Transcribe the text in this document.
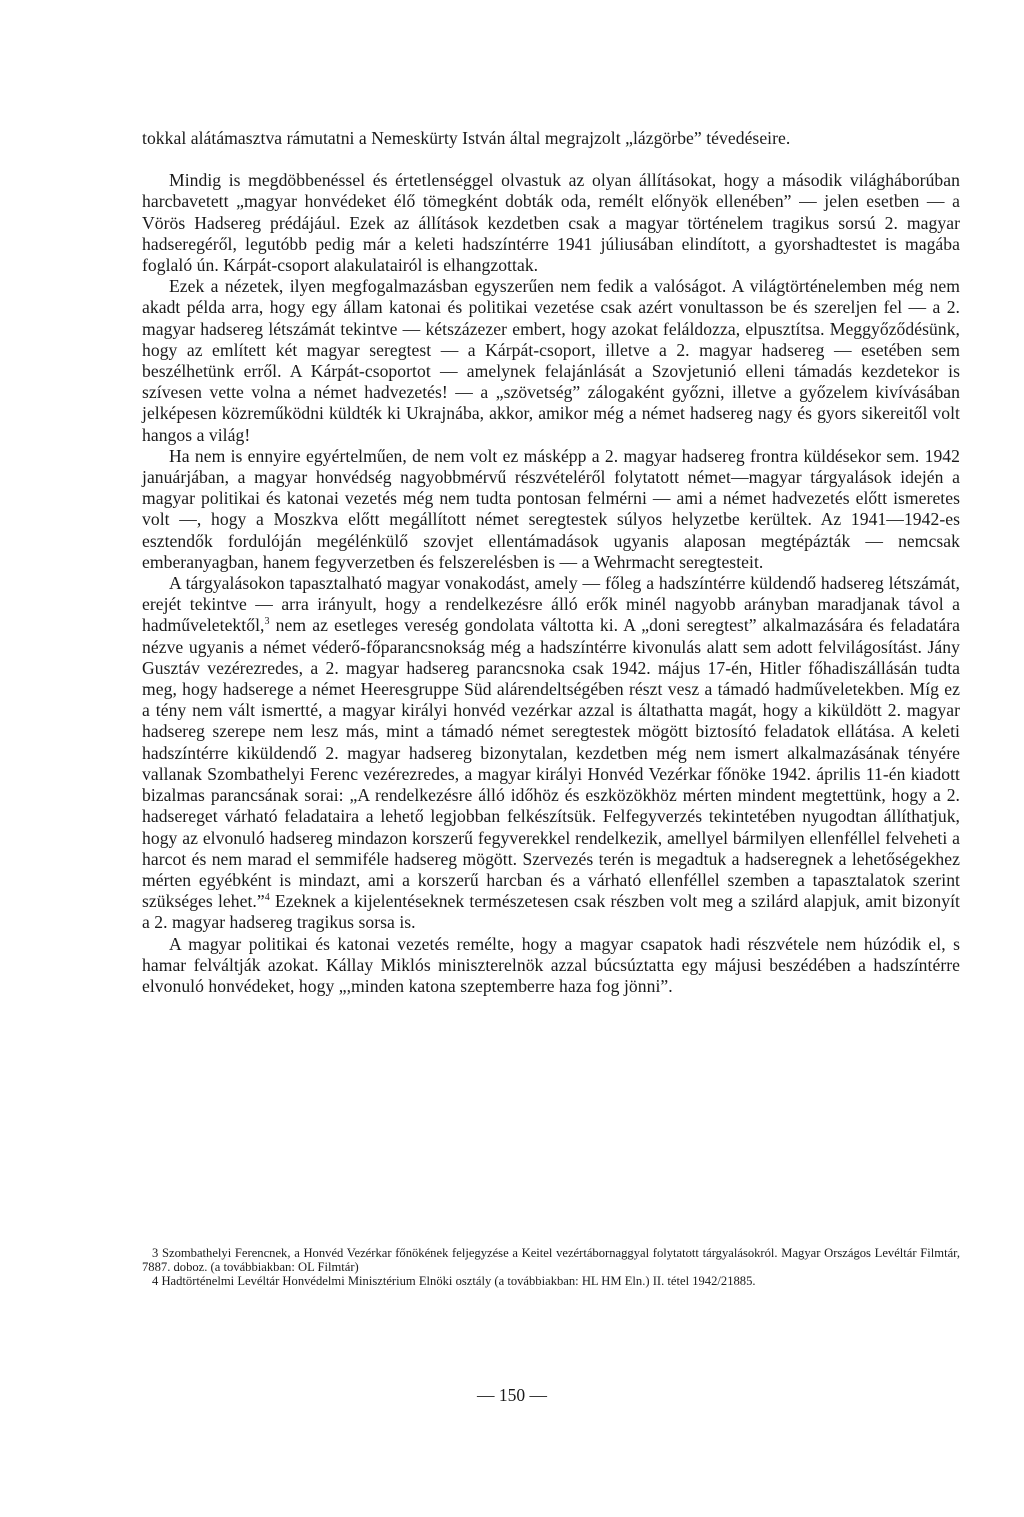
tokkal alátámasztva rámutatni a Nemeskürty István által megrajzolt „lázgörbe” tévedéseire.

Mindig is megdöbbenéssel és értetlenséggel olvastuk az olyan állításokat, hogy a második világháborúban harcbavetett „magyar honvédeket élő tömegként dobták oda, remélt előnyök ellenében” — jelen esetben — a Vörös Hadsereg prédájául. Ezek az állítások kezdetben csak a magyar történelem tragikus sorsú 2. magyar hadseregéről, legutóbb pedig már a keleti hadszíntérre 1941 júliusában elindított, a gyorshadtestet is magába foglaló ún. Kárpát-csoport alakulatairól is elhangzottak.

Ezek a nézetek, ilyen megfogalmazásban egyszerűen nem fedik a valóságot. A világtörténelemben még nem akadt példa arra, hogy egy állam katonai és politikai vezetése csak azért vonultasson be és szereljen fel — a 2. magyar hadsereg létszámát tekintve — kétszázezer embert, hogy azokat feláldozza, elpusztítsa. Meggyőződésünk, hogy az említett két magyar seregtest — a Kárpát-csoport, illetve a 2. magyar hadsereg — esetében sem beszélhetünk erről. A Kárpát-csoportot — amelynek felajánlását a Szovjetunió elleni támadás kezdetekor is szívesen vette volna a német hadvezetés! — a „szövetség” zálogaként győzni, illetve a győzelem kivívásában jelképesen közreműködni küldték ki Ukrajnába, akkor, amikor még a német hadsereg nagy és gyors sikereitől volt hangos a világ!

Ha nem is ennyire egyértelműen, de nem volt ez másképp a 2. magyar hadsereg frontra küldésekor sem. 1942 januárjában, a magyar honvédség nagyobbmérvű részvételéről folytatott német—magyar tárgyalások idején a magyar politikai és katonai vezetés még nem tudta pontosan felmérni — ami a német hadvezetés előtt ismeretes volt —, hogy a Moszkva előtt megállított német seregtestek súlyos helyzetbe kerültek. Az 1941—1942-es esztendők fordulóján megélénkülő szovjet ellentámadások ugyanis alaposan megtépázták — nemcsak emberanyagban, hanem fegyverzetben és felszerelésben is — a Wehrmacht seregtesteit.

A tárgyalásokon tapasztalható magyar vonakodást, amely — főleg a hadszíntérre küldendő hadsereg létszámát, erejét tekintve — arra irányult, hogy a rendelkezésre álló erők minél nagyobb arányban maradjanak távol a hadműveletektől,$^3$ nem az esetleges vereség gondolata váltotta ki. A „doni seregtest” alkalmazására és feladatára nézve ugyanis a német véderő-főparancsnokság még a hadszíntérre kivonulás alatt sem adott felvilágosítást. Jány Gusztáv vezérezredes, a 2. magyar hadsereg parancsnoka csak 1942. május 17-én, Hitler főhadiszállásán tudta meg, hogy hadserege a német Heeresgruppe Süd alárendeltségében részt vesz a támadó hadműveletekben. Míg ez a tény nem vált ismertté, a magyar királyi honvéd vezérkar azzal is áltathatta magát, hogy a kiküldött 2. magyar hadsereg szerepe nem lesz más, mint a támadó német seregtestek mögött biztosító feladatok ellátása. A keleti hadszíntérre kiküldendő 2. magyar hadsereg bizonytalan, kezdetben még nem ismert alkalmazásának tényére vallanak Szombathelyi Ferenc vezérezredes, a magyar királyi Honvéd Vezérkar főnöke 1942. április 11-én kiadott bizalmas parancsának sorai: „A rendelkezésre álló időhöz és eszközökhöz mérten mindent megtettünk, hogy a 2. hadsereget várható feladataira a lehető legjobban felkészítsük. Felfegyverzés tekintetében nyugodtan állíthatjuk, hogy az elvonuló hadsereg mindazon korszerű fegyverekkel rendelkezik, amellyel bármilyen ellenféllel felveheti a harcot és nem marad el semmiféle hadsereg mögött. Szervezés terén is megadtuk a hadseregnek a lehetőségekhez mérten egyébként is mindazt, ami a korszerű harcban és a várható ellenféllel szemben a tapasztalatok szerint szükséges lehet.”$^4$ Ezeknek a kijelentéseknek természetesen csak részben volt meg a szilárd alapjuk, amit bizonyít a 2. magyar hadsereg tragikus sorsa is.

A magyar politikai és katonai vezetés remélte, hogy a magyar csapatok hadi részvétele nem húzódik el, s hamar felváltják azokat. Kállay Miklós miniszterelnök azzal búcsúztatta egy májusi beszédében a hadszíntérre elvonuló honvédeket, hogy „,minden katona szeptemberre haza fog jönni”.

3 Szombathelyi Ferencnek, a Honvéd Vezérkar főnökének feljegyzése a Keitel vezértábornaggyal folytatott tárgyalásokról. Magyar Országos Levéltár Filmtár, 7887. doboz. (a továbbiakban: OL Filmtár)

4 Hadtörténelmi Levéltár Honvédelmi Minisztérium Elnöki osztály (a továbbiakban: HL HM Eln.) II. tétel 1942/21885.

— 150 —
